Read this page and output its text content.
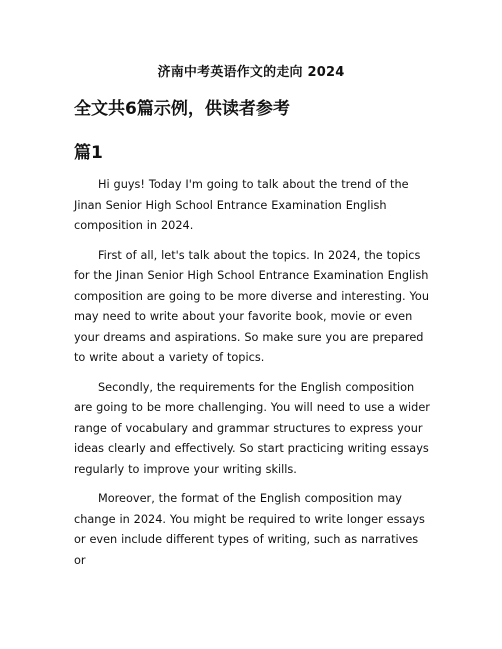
济南中考英语作文的走向 2024
全文共6篇示例，供读者参考
篇1

Hi guys! Today I'm going to talk about the trend of the Jinan Senior High School Entrance Examination English composition in 2024.

First of all, let's talk about the topics. In 2024, the topics for the Jinan Senior High School Entrance Examination English composition are going to be more diverse and interesting. You may need to write about your favorite book, movie or even your dreams and aspirations. So make sure you are prepared to write about a variety of topics.

Secondly, the requirements for the English composition are going to be more challenging. You will need to use a wider range of vocabulary and grammar structures to express your ideas clearly and effectively. So start practicing writing essays regularly to improve your writing skills.

Moreover, the format of the English composition may change in 2024. You might be required to write longer essays or even include different types of writing, such as narratives or
